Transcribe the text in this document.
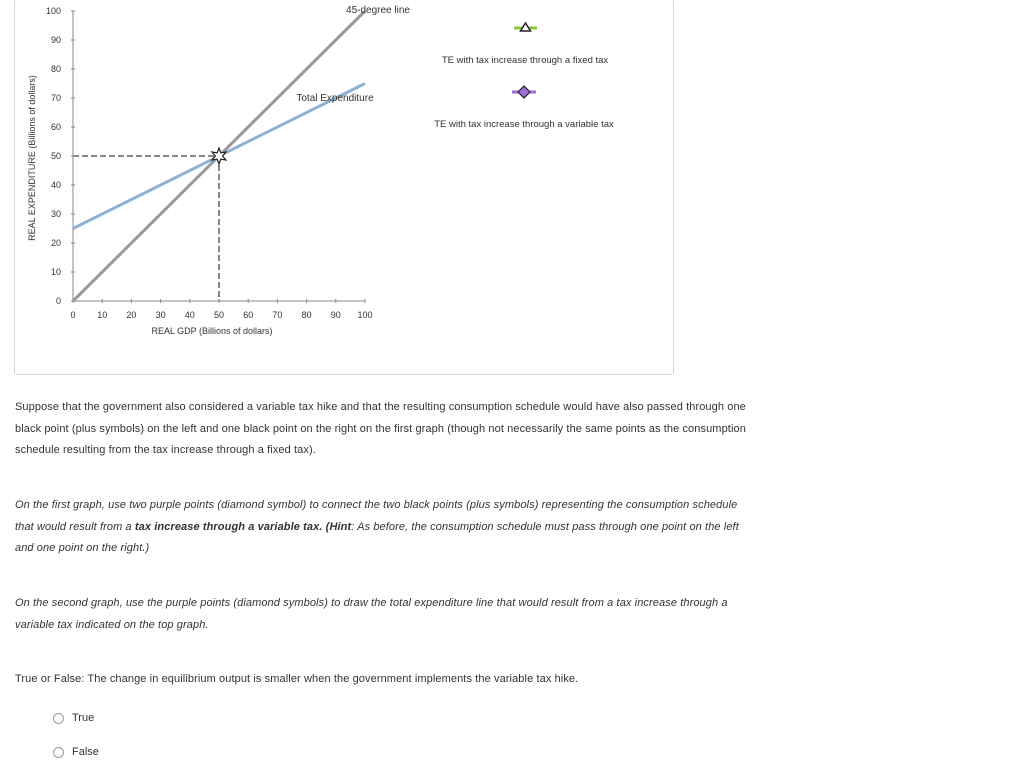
0 10 20 30 40 50 60 70 80 90 100
0
10
20
30
40
50
60
70
80
90
100
REAL GDP (Billions of dollars)
REAL EXPENDITURE (Billions of dollars)
45-degree line
Total Expenditure
TE with tax increase through a fixed tax
TE with tax increase through a variable tax
Suppose that the government also considered a variable tax hike and that the resulting consumption schedule would have also passed through one
black point (plus symbols) on the left and one black point on the right on the first graph (though not necessarily the same points as the consumption
schedule resulting from the tax increase through a fixed tax).
On the first graph, use two purple points (diamond symbol) to connect the two black points (plus symbols) representing the consumption schedule
that would result from a tax increase through a variable tax. (Hint: As before, the consumption schedule must pass through one point on the left
and one point on the right.)
On the second graph, use the purple points (diamond symbols) to draw the total expenditure line that would result from a tax increase through a
variable tax indicated on the top graph.
True or False: The change in equilibrium output is smaller when the government implements the variable tax hike.
True
False
